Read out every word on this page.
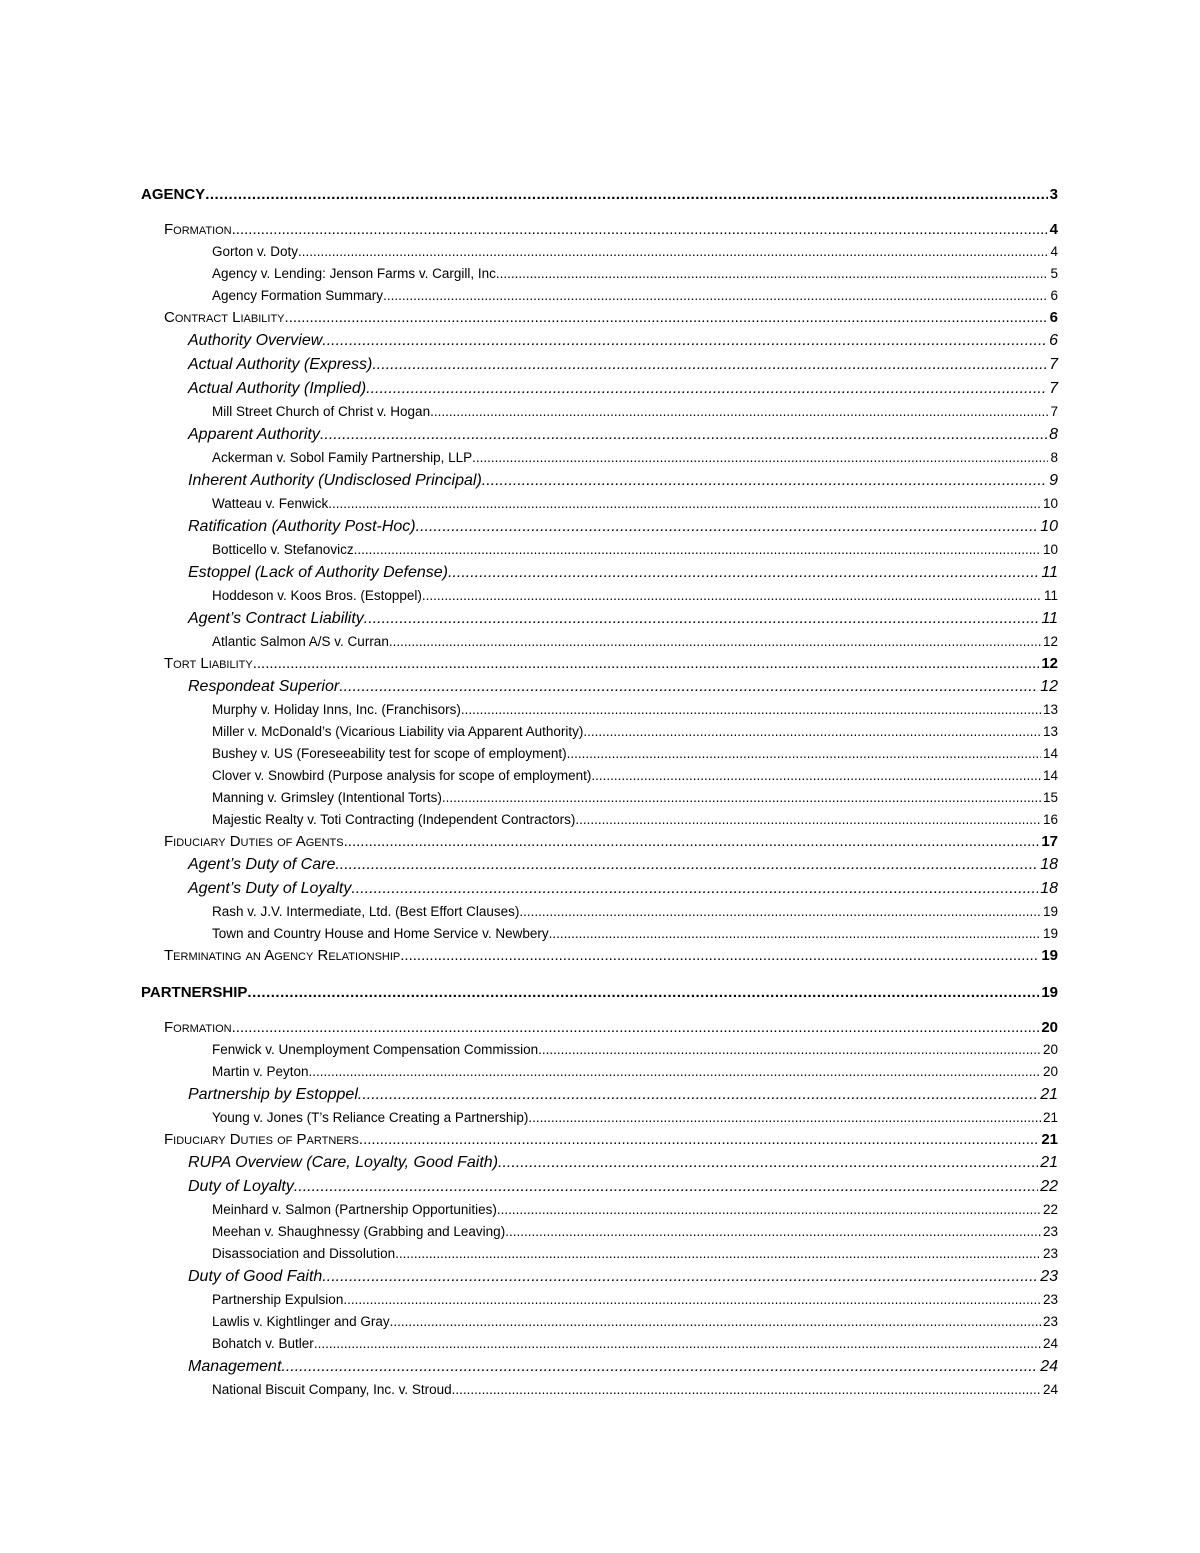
AGENCY .....	3
Formation .....	4
Gorton v. Doty .....	4
Agency v. Lending: Jenson Farms v. Cargill, Inc. .....	5
Agency Formation Summary .....	6
Contract Liability .....	6
Authority Overview .....	6
Actual Authority (Express) .....	7
Actual Authority (Implied) .....	7
Mill Street Church of Christ v. Hogan .....	7
Apparent Authority .....	8
Ackerman v. Sobol Family Partnership, LLP .....	8
Inherent Authority (Undisclosed Principal) .....	9
Watteau v. Fenwick .....	10
Ratification (Authority Post-Hoc) .....	10
Botticello v. Stefanovicz .....	10
Estoppel (Lack of Authority Defense) .....	11
Hoddeson v. Koos Bros. (Estoppel) .....	11
Agent’s Contract Liability .....	11
Atlantic Salmon A/S v. Curran .....	12
Tort Liability .....	12
Respondeat Superior .....	12
Murphy v. Holiday Inns, Inc. (Franchisors) .....	13
Miller v. McDonald’s (Vicarious Liability via Apparent Authority) .....	13
Bushey v. US (Foreseeability test for scope of employment) .....	14
Clover v. Snowbird (Purpose analysis for scope of employment) .....	14
Manning v. Grimsley (Intentional Torts) .....	15
Majestic Realty v. Toti Contracting (Independent Contractors) .....	16
Fiduciary Duties of Agents .....	17
Agent’s Duty of Care .....	18
Agent’s Duty of Loyalty .....	18
Rash v. J.V. Intermediate, Ltd. (Best Effort Clauses) .....	19
Town and Country House and Home Service v. Newbery .....	19
Terminating an Agency Relationship .....	19
PARTNERSHIP .....	19
Formation .....	20
Fenwick v. Unemployment Compensation Commission .....	20
Martin v. Peyton .....	20
Partnership by Estoppel .....	21
Young v. Jones (T’s Reliance Creating a Partnership) .....	21
Fiduciary Duties of Partners .....	21
RUPA Overview (Care, Loyalty, Good Faith) .....	21
Duty of Loyalty .....	22
Meinhard v. Salmon (Partnership Opportunities) .....	22
Meehan v. Shaughnessy (Grabbing and Leaving) .....	23
Disassociation and Dissolution .....	23
Duty of Good Faith .....	23
Partnership Expulsion .....	23
Lawlis v. Kightlinger and Gray .....	23
Bohatch v. Butler .....	24
Management .....	24
National Biscuit Company, Inc. v. Stroud .....	24
